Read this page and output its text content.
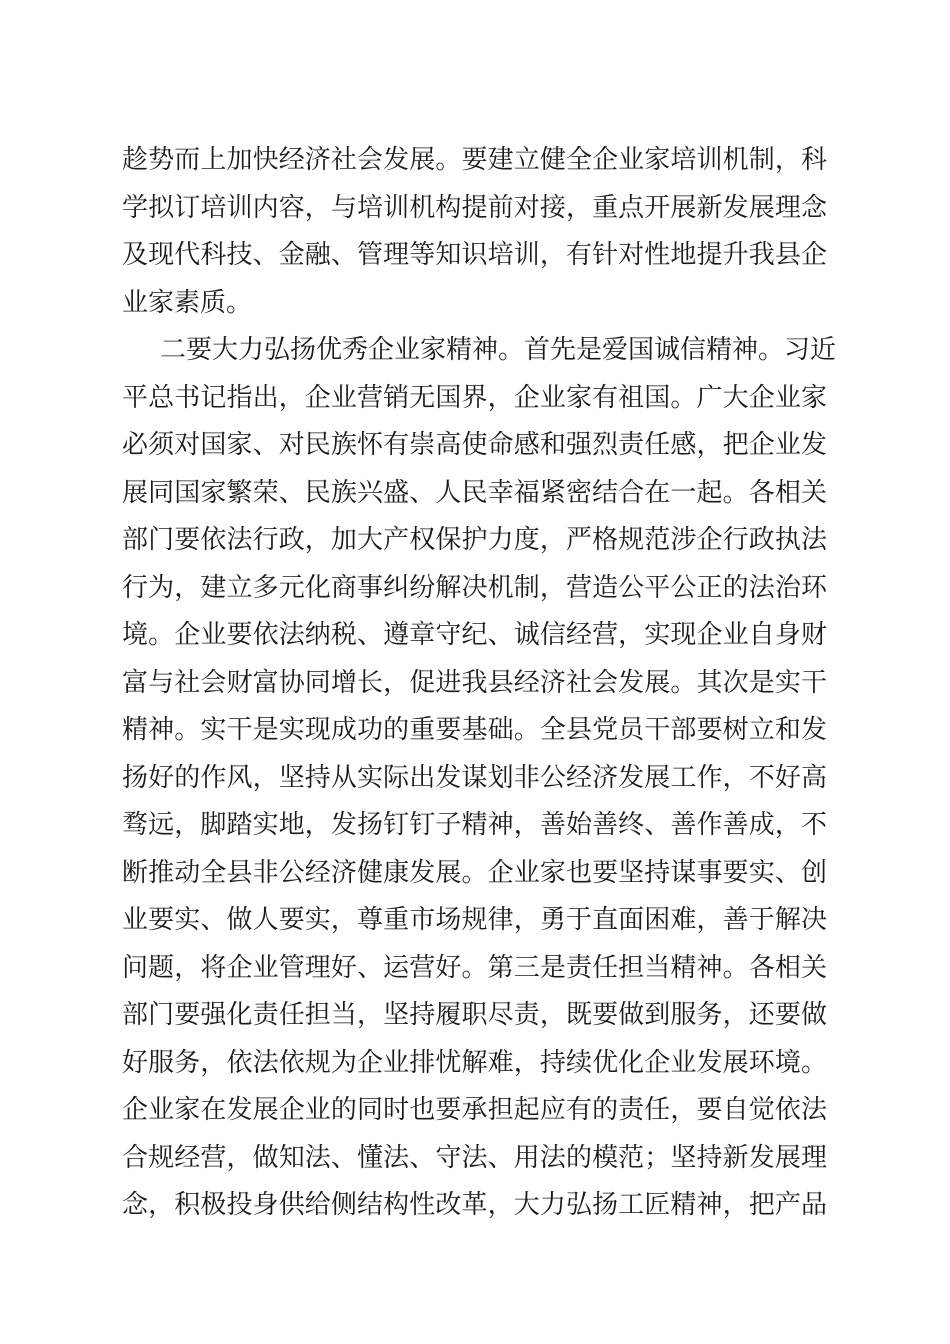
趁势而上加快经济社会发展。要建立健全企业家培训机制，科
学拟订培训内容，与培训机构提前对接，重点开展新发展理念
及现代科技、金融、管理等知识培训，有针对性地提升我县企
业家素质。
二要大力弘扬优秀企业家精神。首先是爱国诚信精神。习近
平总书记指出，企业营销无国界，企业家有祖国。广大企业家
必须对国家、对民族怀有崇高使命感和强烈责任感，把企业发
展同国家繁荣、民族兴盛、人民幸福紧密结合在一起。各相关
部门要依法行政，加大产权保护力度，严格规范涉企行政执法
行为，建立多元化商事纠纷解决机制，营造公平公正的法治环
境。企业要依法纳税、遵章守纪、诚信经营，实现企业自身财
富与社会财富协同增长，促进我县经济社会发展。其次是实干
精神。实干是实现成功的重要基础。全县党员干部要树立和发
扬好的作风，坚持从实际出发谋划非公经济发展工作，不好高
骛远，脚踏实地，发扬钉钉子精神，善始善终、善作善成，不
断推动全县非公经济健康发展。企业家也要坚持谋事要实、创
业要实、做人要实，尊重市场规律，勇于直面困难，善于解决
问题，将企业管理好、运营好。第三是责任担当精神。各相关
部门要强化责任担当，坚持履职尽责，既要做到服务，还要做
好服务，依法依规为企业排忧解难，持续优化企业发展环境。
企业家在发展企业的同时也要承担起应有的责任，要自觉依法
合规经营，做知法、懂法、守法、用法的模范；坚持新发展理
念，积极投身供给侧结构性改革，大力弘扬工匠精神，把产品
